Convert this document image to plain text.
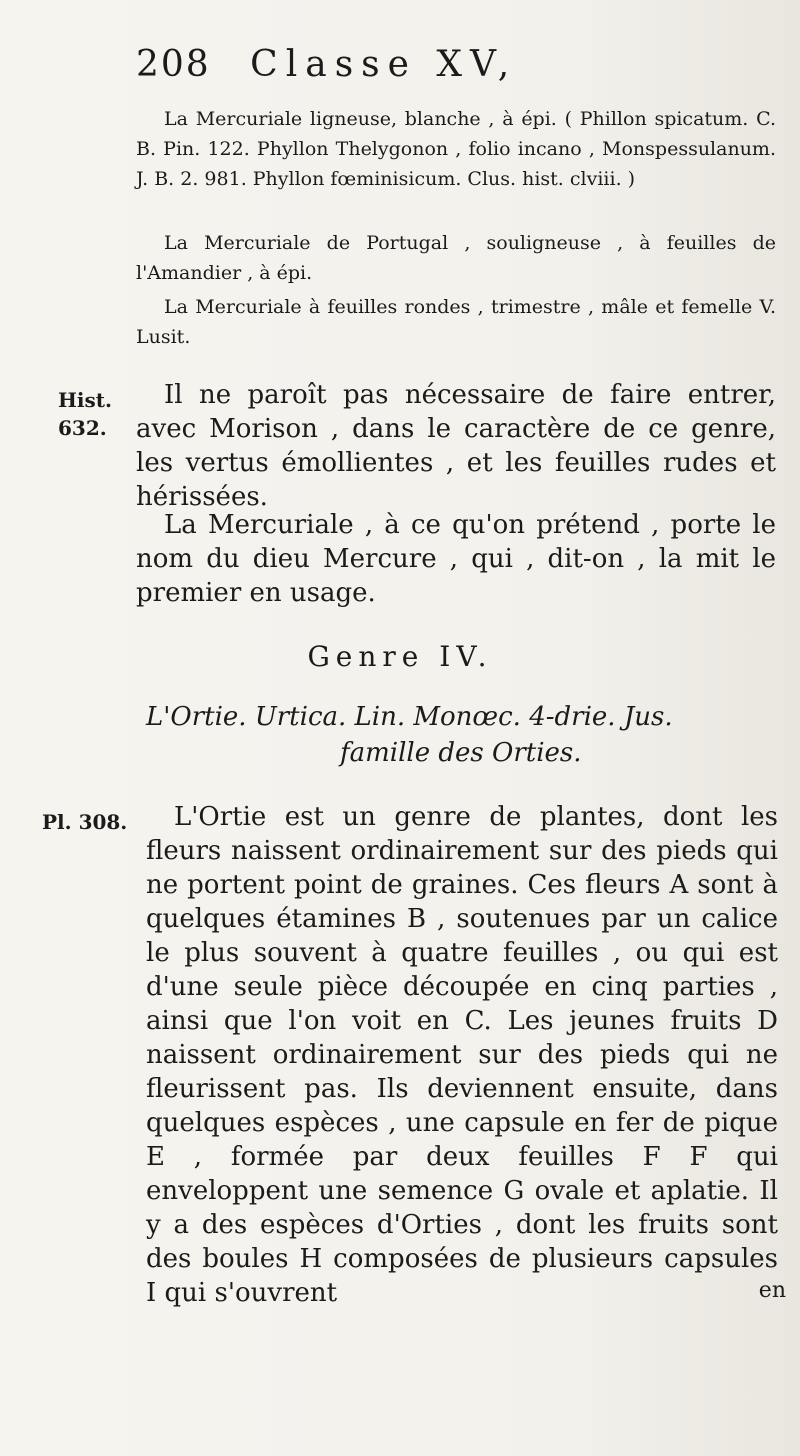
208 Classe XV,
La Mercuriale ligneuse, blanche , à épi. ( Phillon spicatum. C. B. Pin. 122. Phyllon Thelygonon , folio incano , Monspessulanum. J. B. 2. 981. Phyllon fœminisicum. Clus. hist. clviii. )
La Mercuriale de Portugal , souligneuse , à feuilles de l'Amandier , à épi.
La Mercuriale à feuilles rondes , trimestre , mâle et femelle V. Lusit.
Hist.
632.
Il ne paroît pas nécessaire de faire entrer, avec Morison , dans le caractère de ce genre, les vertus émollientes , et les feuilles rudes et hérissées.
La Mercuriale , à ce qu'on prétend , porte le nom du dieu Mercure , qui , dit-on , la mit le premier en usage.
Genre IV.
L'Ortie. Urtica. Lin. Monœc. 4-drie. Jus.
famille des Orties.
Pl. 308.	L'Ortie est un genre de plantes, dont les fleurs naissent ordinairement sur des pieds qui ne portent point de graines. Ces fleurs A sont à quelques étamines B , soutenues par un calice le plus souvent à quatre feuilles , ou qui est d'une seule pièce découpée en cinq parties , ainsi que l'on voit en C. Les jeunes fruits D naissent ordinairement sur des pieds qui ne fleurissent pas. Ils deviennent ensuite, dans quelques espèces , une capsule en fer de pique E , formée par deux feuilles F F qui enveloppent une semence G ovale et aplatie. Il y a des espèces d'Orties , dont les fruits sont des boules H composées de plusieurs capsules I qui s'ouvrent	en
